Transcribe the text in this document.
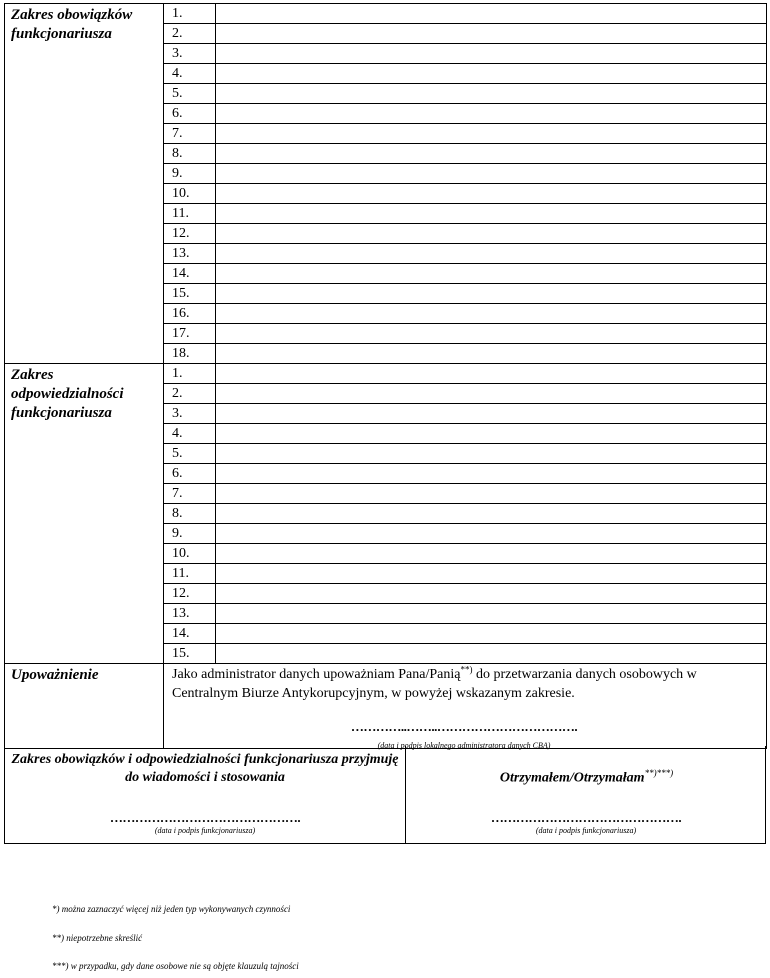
Zakres obowiązków funkcjonariusza	1.	
	2.	
	3.	
	4.	
	5.	
	6.	
	7.	
	8.	
	9.	
	10.	
	11.	
	12.	
	13.	
	14.	
	15.	
	16.	
	17.	
	18.	
Zakres odpowiedzialności funkcjonariusza	1.	
	2.	
	3.	
	4.	
	5.	
	6.	
	7.	
	8.	
	9.	
	10.	
	11.	
	12.	
	13.	
	14.	
	15.	
Upoważnienie	Jako administrator danych upoważniam Pana/Panią**) do przetwarzania danych osobowych w Centralnym Biurze Antykorupcyjnym, w powyżej wskazanym zakresie.
…………..……..…………………………….
(data i podpis lokalnego administratora danych CBA)	
Zakres obowiązków i odpowiedzialności funkcjonariusza przyjmuję do wiadomości i stosowania
……………………………………….
(data i podpis funkcjonariusza)
Otrzymałem/Otrzymałam**)***)
……………………………………….
(data i podpis funkcjonariusza)
*) można zaznaczyć więcej niż jeden typ wykonywanych czynności
**) niepotrzebne skreślić
***) w przypadku, gdy dane osobowe nie są objęte klauzulą tajności
